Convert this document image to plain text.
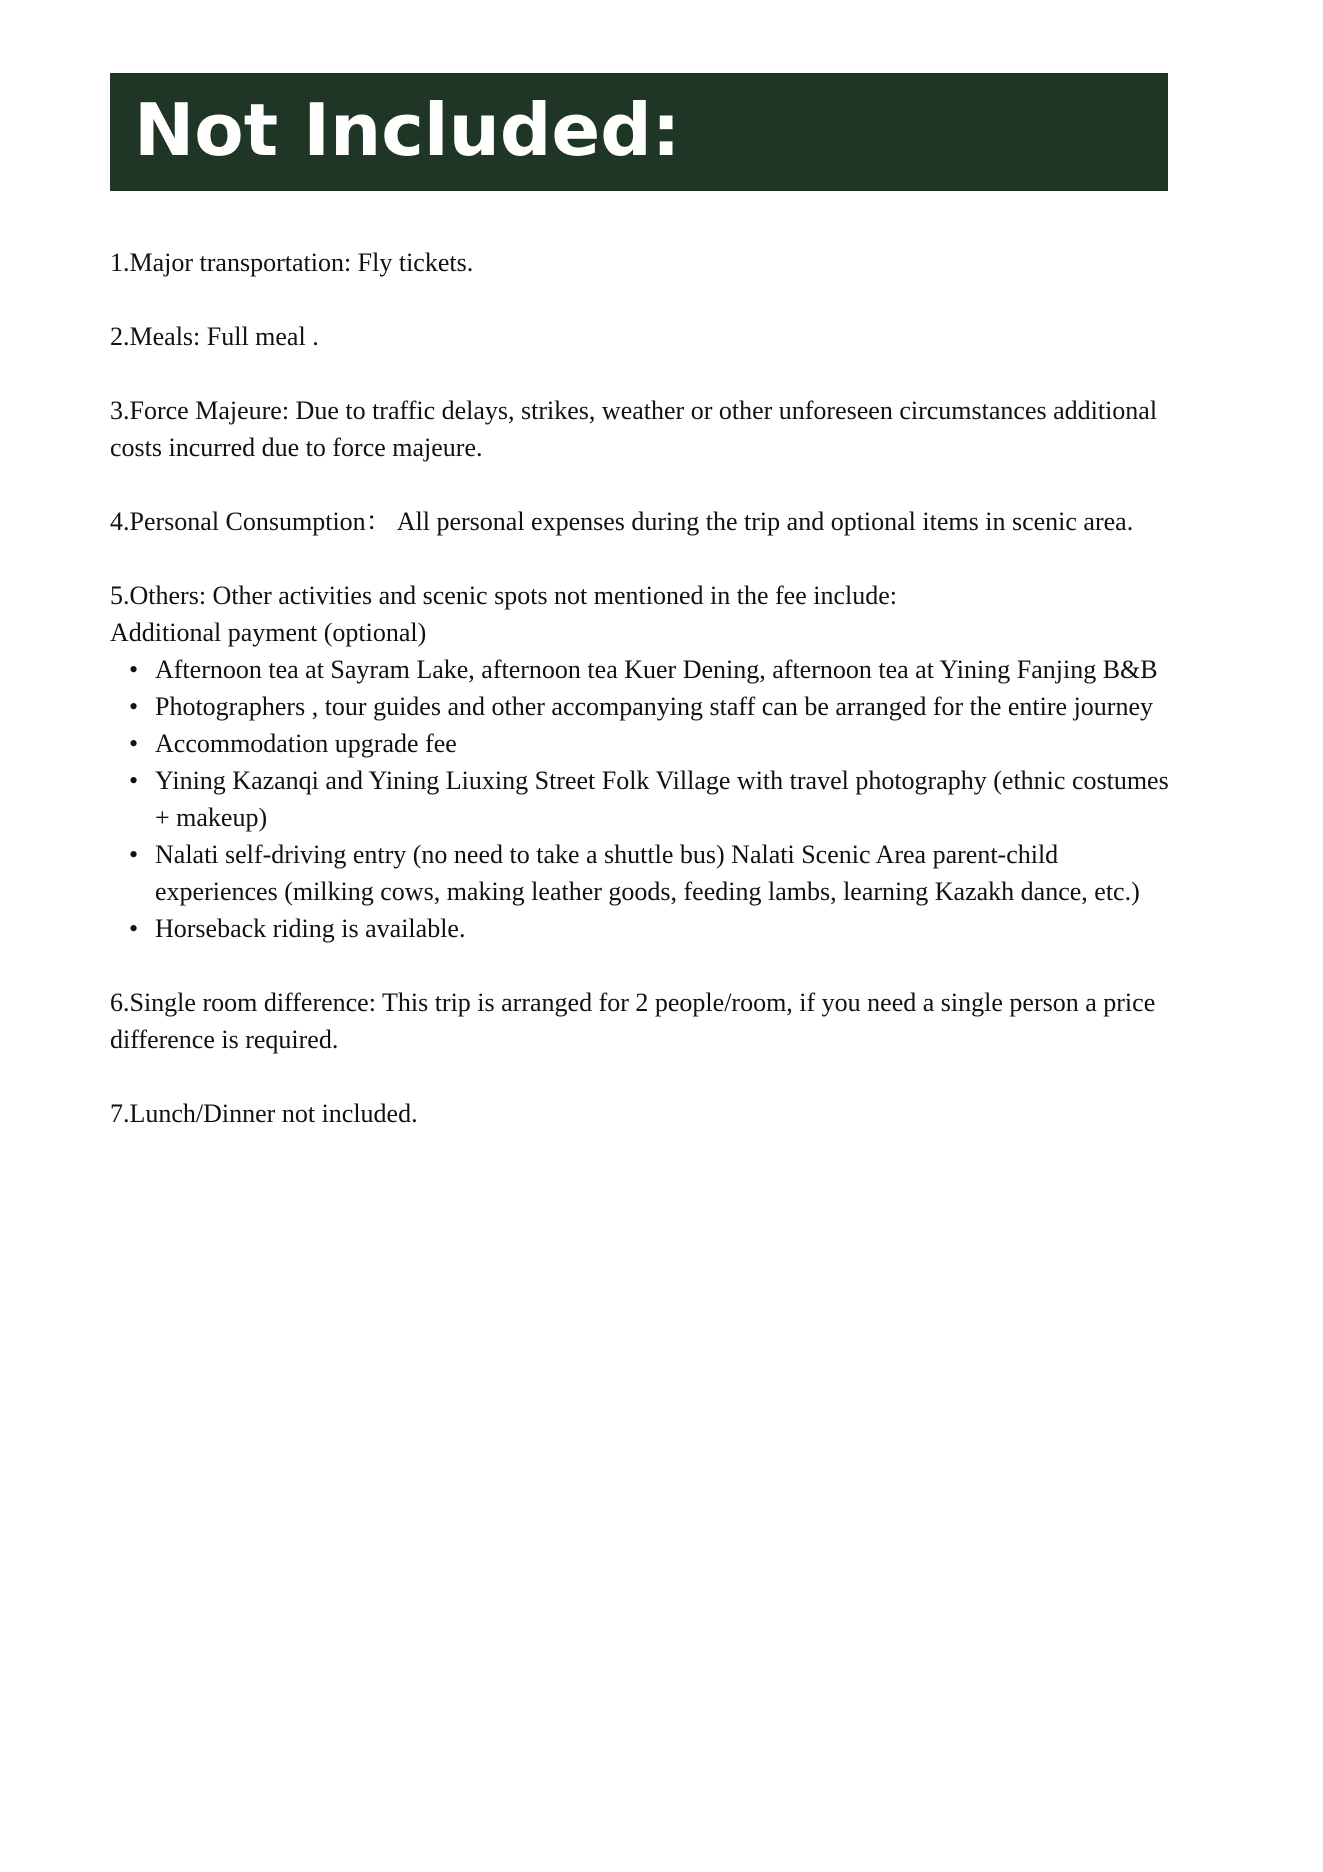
Not Included:

1.Major transportation: Fly tickets.

2.Meals: Full meal .

3.Force Majeure: Due to traffic delays, strikes, weather or other unforeseen circumstances additional costs incurred due to force majeure.

4.Personal Consumption： All personal expenses during the trip and optional items in scenic area.

5.Others: Other activities and scenic spots not mentioned in the fee include:

Additional payment (optional)

• Afternoon tea at Sayram Lake, afternoon tea Kuer Dening, afternoon tea at Yining Fanjing B&B
• Photographers , tour guides and other accompanying staff can be arranged for the entire journey
• Accommodation upgrade fee
• Yining Kazanqi and Yining Liuxing Street Folk Village with travel photography (ethnic costumes + makeup)
• Nalati self-driving entry (no need to take a shuttle bus) Nalati Scenic Area parent-child experiences (milking cows, making leather goods, feeding lambs, learning Kazakh dance, etc.)
• Horseback riding is available.

6.Single room difference: This trip is arranged for 2 people/room, if you need a single person a price difference is required.

7.Lunch/Dinner not included.
